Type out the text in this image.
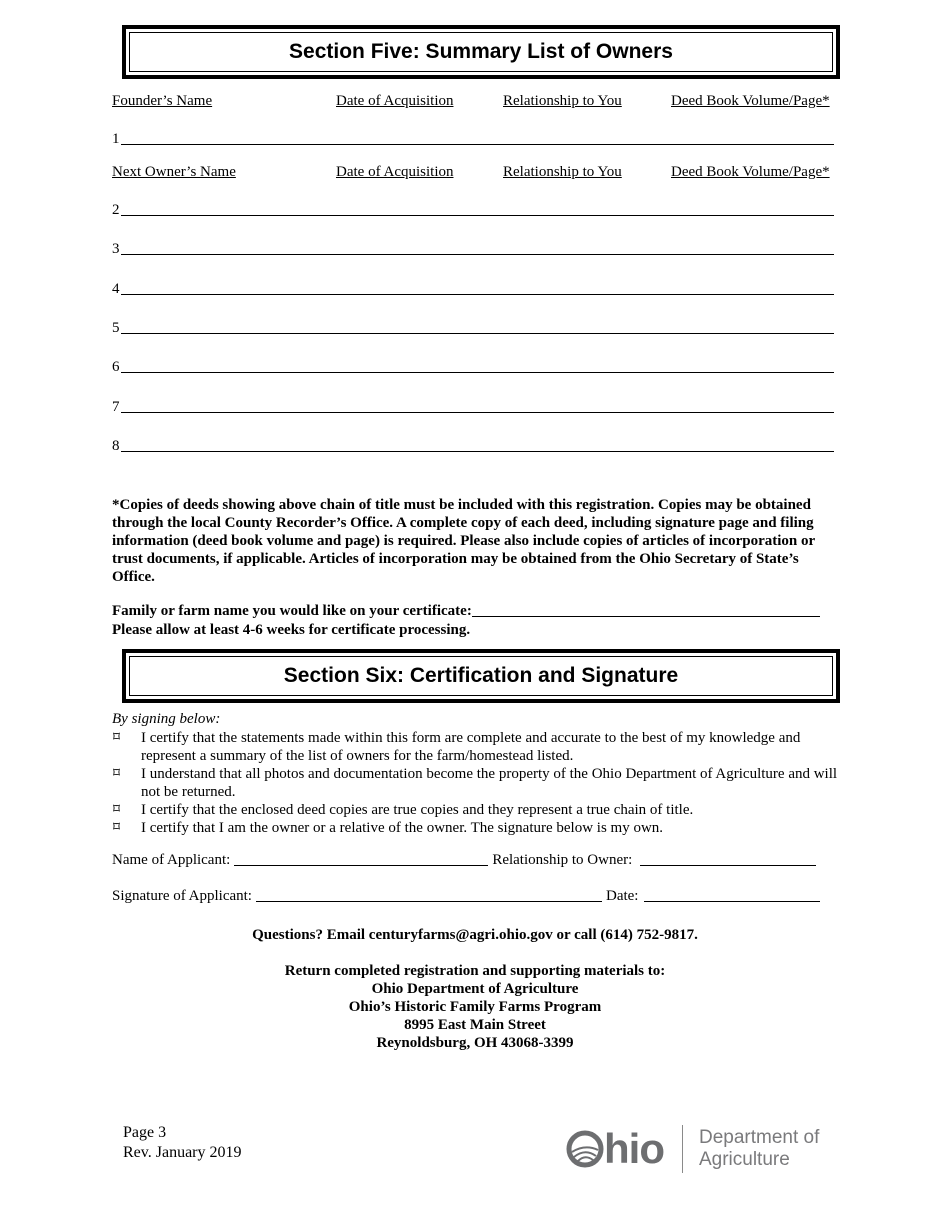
Section Five: Summary List of Owners
Founder’s Name	Date of Acquisition	Relationship to You	Deed Book Volume/Page*
1
Next Owner’s Name	Date of Acquisition	Relationship to You	Deed Book Volume/Page*
2
3
4
5
6
7
8
*Copies of deeds showing above chain of title must be included with this registration. Copies may be obtained through the local County Recorder’s Office. A complete copy of each deed, including signature page and filing information (deed book volume and page) is required. Please also include copies of articles of incorporation or trust documents, if applicable. Articles of incorporation may be obtained from the Ohio Secretary of State’s Office.
Family or farm name you would like on your certificate:
Please allow at least 4-6 weeks for certificate processing.
Section Six: Certification and Signature
By signing below:
⌑	I certify that the statements made within this form are complete and accurate to the best of my knowledge and represent a summary of the list of owners for the farm/homestead listed.
⌑	I understand that all photos and documentation become the property of the Ohio Department of Agriculture and will not be returned.
⌑	I certify that the enclosed deed copies are true copies and they represent a true chain of title.
⌑	I certify that I am the owner or a relative of the owner. The signature below is my own.
Name of Applicant:	Relationship to Owner:
Signature of Applicant:	Date:
Questions? Email centuryfarms@agri.ohio.gov or call (614) 752-9817.
Return completed registration and supporting materials to:
Ohio Department of Agriculture
Ohio’s Historic Family Farms Program
8995 East Main Street
Reynoldsburg, OH 43068-3399
Page 3
Rev. January 2019	hio Department of
Agriculture
